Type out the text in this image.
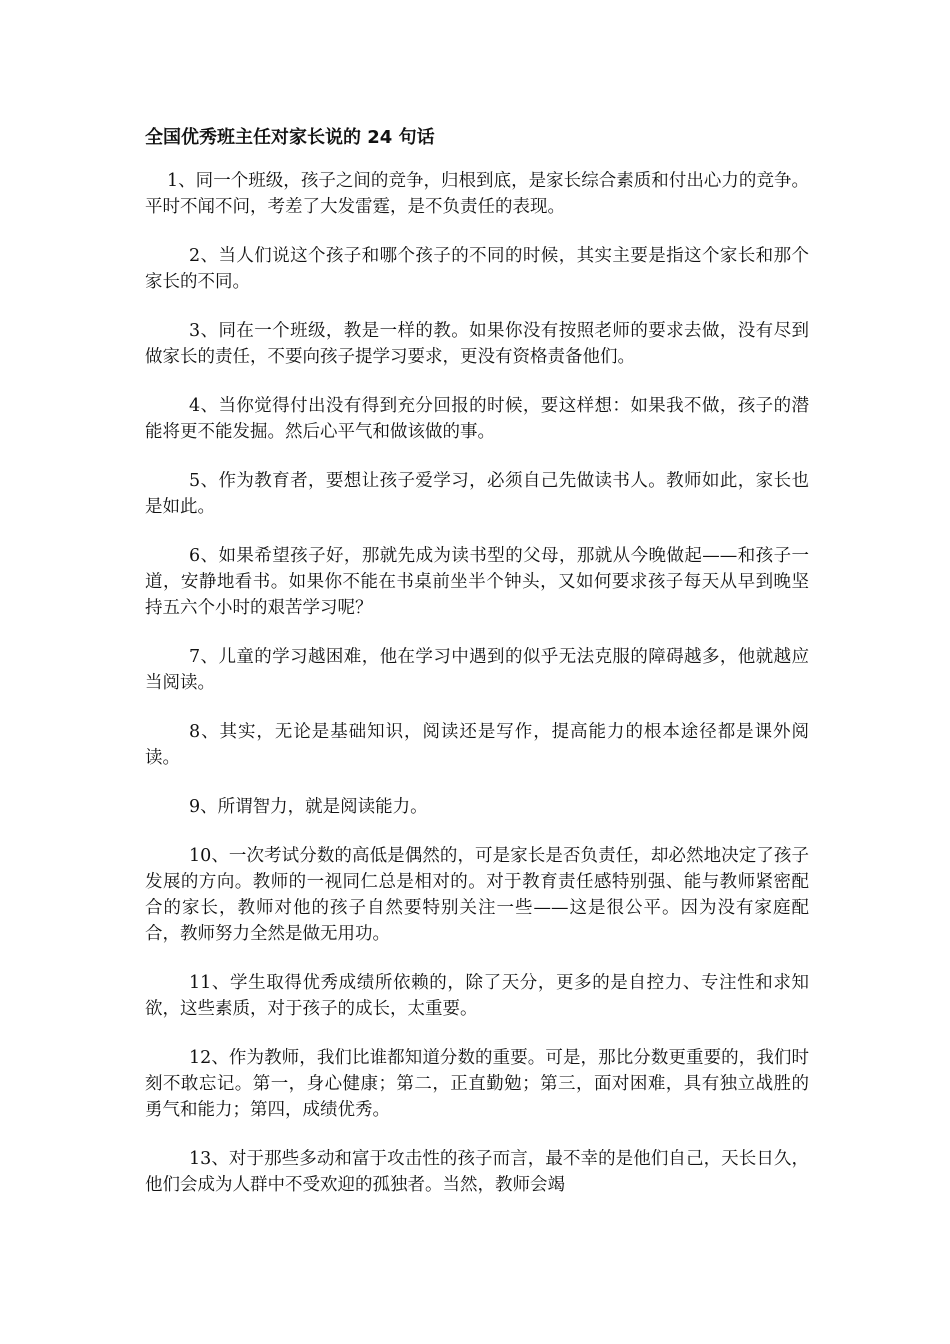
全国优秀班主任对家长说的 24 句话

1、同一个班级，孩子之间的竞争，归根到底，是家长综合素质和付出心力的竞争。平时不闻不问，考差了大发雷霆，是不负责任的表现。

2、当人们说这个孩子和哪个孩子的不同的时候，其实主要是指这个家长和那个家长的不同。

3、同在一个班级，教是一样的教。如果你没有按照老师的要求去做，没有尽到做家长的责任，不要向孩子提学习要求，更没有资格责备他们。

4、当你觉得付出没有得到充分回报的时候，要这样想：如果我不做，孩子的潜能将更不能发掘。然后心平气和做该做的事。

5、作为教育者，要想让孩子爱学习，必须自己先做读书人。教师如此，家长也是如此。

6、如果希望孩子好，那就先成为读书型的父母，那就从今晚做起——和孩子一道，安静地看书。如果你不能在书桌前坐半个钟头，又如何要求孩子每天从早到晚坚持五六个小时的艰苦学习呢？

7、儿童的学习越困难，他在学习中遇到的似乎无法克服的障碍越多，他就越应当阅读。

8、其实，无论是基础知识，阅读还是写作，提高能力的根本途径都是课外阅读。

9、所谓智力，就是阅读能力。

10、一次考试分数的高低是偶然的，可是家长是否负责任，却必然地决定了孩子发展的方向。教师的一视同仁总是相对的。对于教育责任感特别强、能与教师紧密配合的家长，教师对他的孩子自然要特别关注一些——这是很公平。因为没有家庭配合，教师努力全然是做无用功。

11、学生取得优秀成绩所依赖的，除了天分，更多的是自控力、专注性和求知欲，这些素质，对于孩子的成长，太重要。

12、作为教师，我们比谁都知道分数的重要。可是，那比分数更重要的，我们时刻不敢忘记。第一，身心健康；第二，正直勤勉；第三，面对困难，具有独立战胜的勇气和能力；第四，成绩优秀。

13、对于那些多动和富于攻击性的孩子而言，最不幸的是他们自己，天长日久，他们会成为人群中不受欢迎的孤独者。当然，教师会竭
